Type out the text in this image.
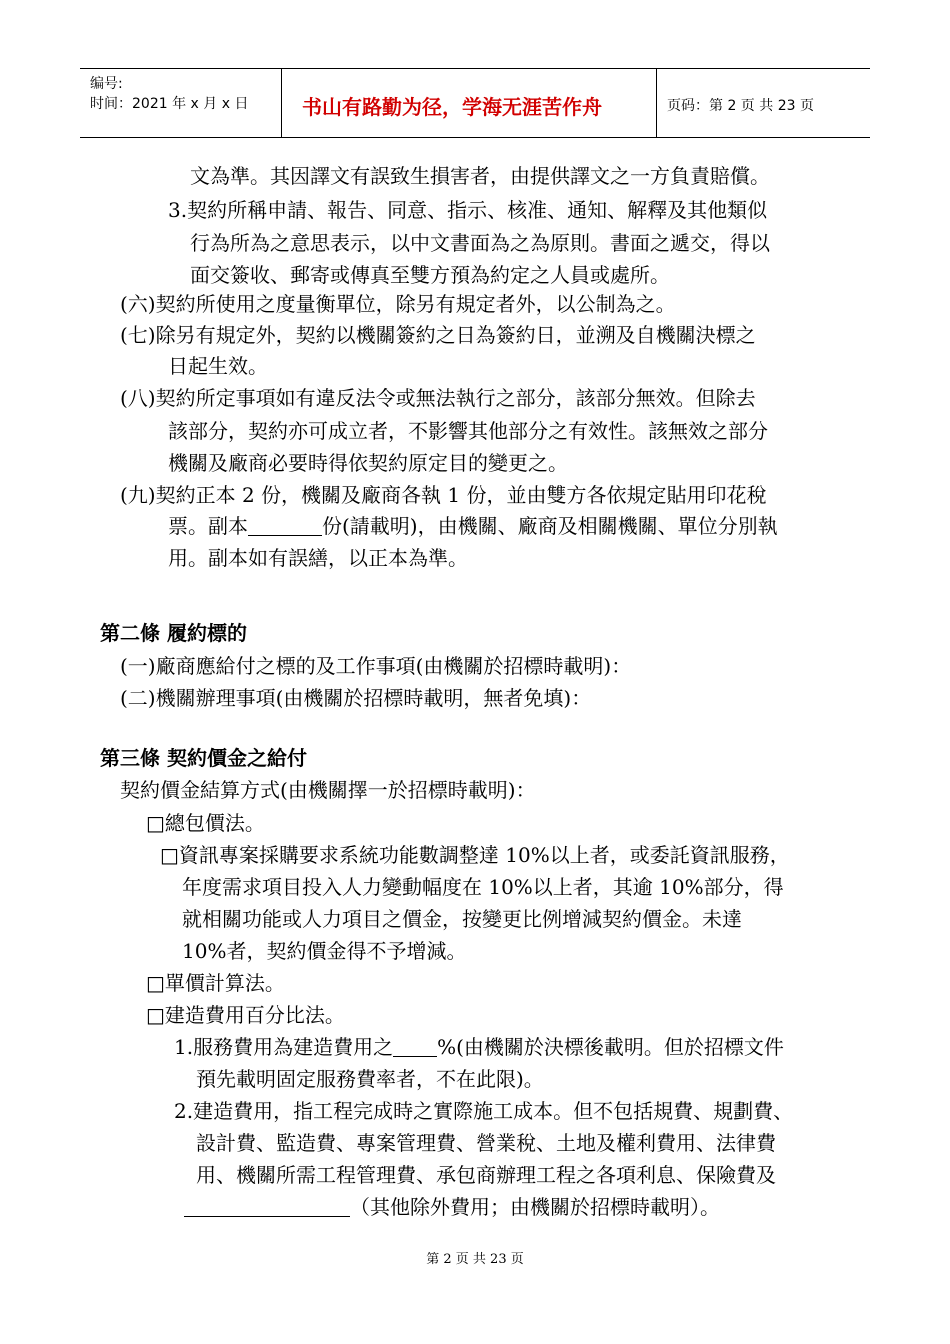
编号:
时间：2021 年 x 月 x 日	书山有路勤为径，学海无涯苦作舟	页码：第 2 页 共 23 页
文為準。其因譯文有誤致生損害者，由提供譯文之一方負責賠償。
3.契約所稱申請、報告、同意、指示、核准、通知、解釋及其他類似
行為所為之意思表示，以中文書面為之為原則。書面之遞交，得以
面交簽收、郵寄或傳真至雙方預為約定之人員或處所。
(六)契約所使用之度量衡單位，除另有規定者外，以公制為之。
(七)除另有規定外，契約以機關簽約之日為簽約日，並溯及自機關決標之
日起生效。
(八)契約所定事項如有違反法令或無法執行之部分，該部分無效。但除去
該部分，契約亦可成立者，不影響其他部分之有效性。該無效之部分
機關及廠商必要時得依契約原定目的變更之。
(九)契約正本 2 份，機關及廠商各執 1 份，並由雙方各依規定貼用印花稅
票。副本	份(請載明)，由機關、廠商及相關機關、單位分別執
用。副本如有誤繕，以正本為準。
第二條 履約標的
(一)廠商應給付之標的及工作事項(由機關於招標時載明)：
(二)機關辦理事項(由機關於招標時載明，無者免填)：
第三條 契約價金之給付
契約價金結算方式(由機關擇一於招標時載明)：
□總包價法。
□資訊專案採購要求系統功能數調整達 10%以上者，或委託資訊服務，
年度需求項目投入人力變動幅度在 10%以上者，其逾 10%部分，得
就相關功能或人力項目之價金，按變更比例增減契約價金。未達
10%者，契約價金得不予增減。
□單價計算法。
□建造費用百分比法。
1.服務費用為建造費用之 %(由機關於決標後載明。但於招標文件
預先載明固定服務費率者，不在此限)。
2.建造費用，指工程完成時之實際施工成本。但不包括規費、規劃費、
設計費、監造費、專案管理費、營業稅、土地及權利費用、法律費
用、機關所需工程管理費、承包商辦理工程之各項利息、保險費及
（其他除外費用；由機關於招標時載明）。
第 2 页 共 23 页
